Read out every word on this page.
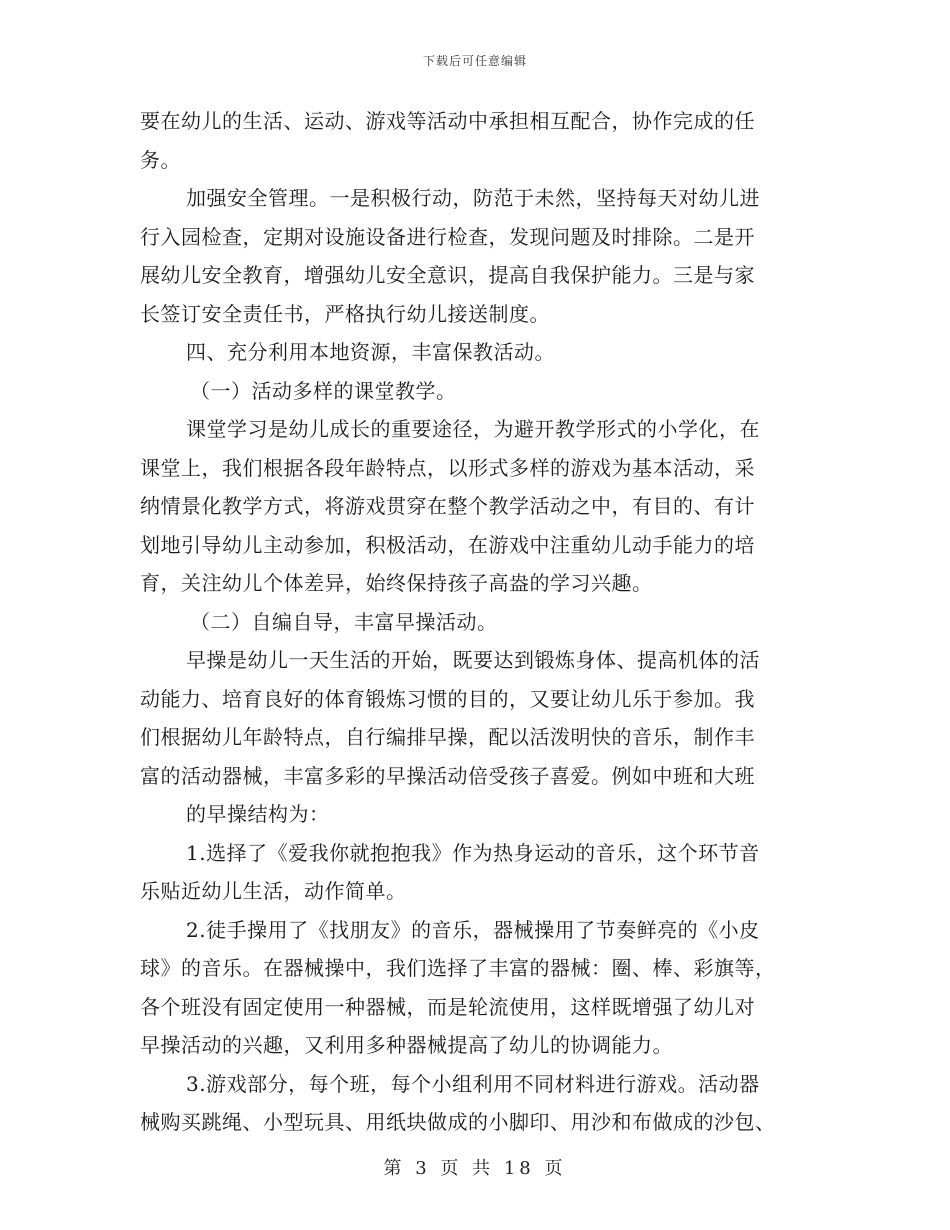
下载后可任意编辑
要在幼儿的生活、运动、游戏等活动中承担相互配合，协作完成的任
务。
加强安全管理。一是积极行动，防范于未然，坚持每天对幼儿进
行入园检查，定期对设施设备进行检查，发现问题及时排除。二是开
展幼儿安全教育，增强幼儿安全意识，提高自我保护能力。三是与家
长签订安全责任书，严格执行幼儿接送制度。
四、充分利用本地资源，丰富保教活动。
（一）活动多样的课堂教学。
课堂学习是幼儿成长的重要途径，为避开教学形式的小学化，在
课堂上，我们根据各段年龄特点，以形式多样的游戏为基本活动，采
纳情景化教学方式，将游戏贯穿在整个教学活动之中，有目的、有计
划地引导幼儿主动参加，积极活动，在游戏中注重幼儿动手能力的培
育，关注幼儿个体差异，始终保持孩子高盎的学习兴趣。
（二）自编自导，丰富早操活动。
早操是幼儿一天生活的开始，既要达到锻炼身体、提高机体的活
动能力、培育良好的体育锻炼习惯的目的，又要让幼儿乐于参加。我
们根据幼儿年龄特点，自行编排早操，配以活泼明快的音乐，制作丰
富的活动器械，丰富多彩的早操活动倍受孩子喜爱。例如中班和大班
的早操结构为：
1.选择了《爱我你就抱抱我》作为热身运动的音乐，这个环节音
乐贴近幼儿生活，动作简单。
2.徒手操用了《找朋友》的音乐，器械操用了节奏鲜亮的《小皮
球》的音乐。在器械操中，我们选择了丰富的器械：圈、棒、彩旗等，
各个班没有固定使用一种器械，而是轮流使用，这样既增强了幼儿对
早操活动的兴趣，又利用多种器械提高了幼儿的协调能力。
3.游戏部分，每个班，每个小组利用不同材料进行游戏。活动器
械购买跳绳、小型玩具、用纸块做成的小脚印、用沙和布做成的沙包、
第 3 页 共 18 页
